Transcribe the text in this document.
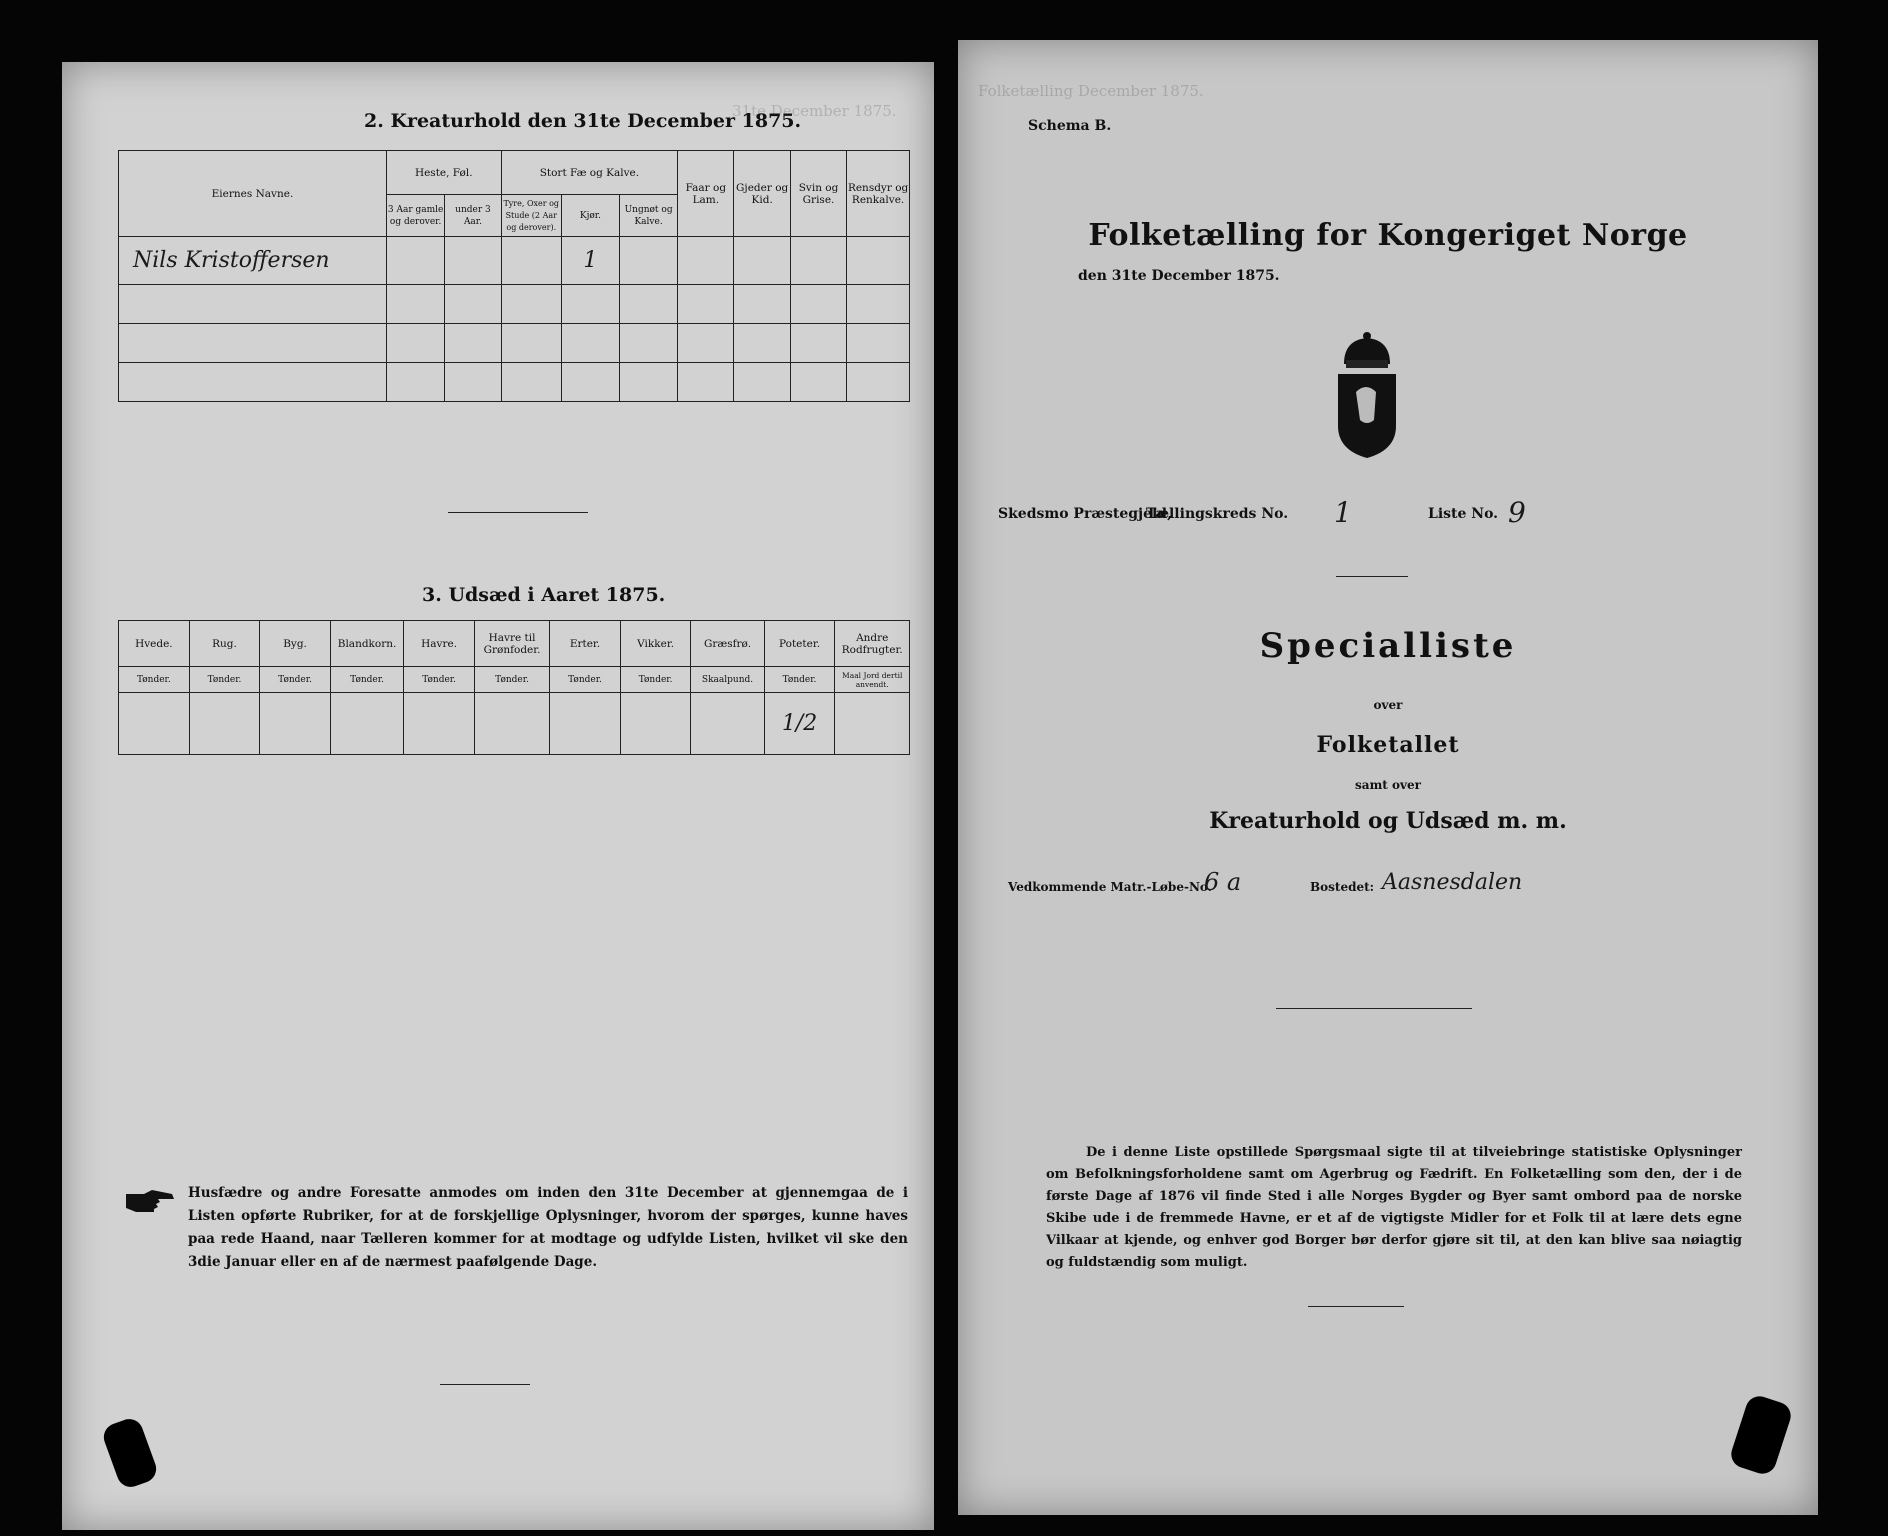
31te December 1875.
2. Kreaturhold den 31te December 1875.
Eiernes Navne.	Heste, Føl.		Stort Fæ og Kalve.			Faar og Lam.	Gjeder og Kid.	Svin og Grise.	Rensdyr og Renkalve.
	3 Aar gamle og derover.	under 3 Aar.	Tyre, Oxer og Stude (2 Aar og derover).	Kjør.	Ungnøt og Kalve.				
Nils Kristoffersen				1					

3. Udsæd i Aaret 1875.
Hvede.	Rug.	Byg.	Blandkorn.	Havre.	Havre til Grønfoder.	Erter.	Vikker.	Græsfrø.	Poteter.	Andre Rodfrugter.
Tønder.	Tønder.	Tønder.	Tønder.	Tønder.	Tønder.	Tønder.	Tønder.	Skaalpund.	Tønder.	Maal Jord dertil anvendt.
									1/2	
Husfædre og andre Foresatte anmodes om inden den 31te December at gjennemgaa de i Listen opførte Rubriker, for at de forskjellige Oplysninger, hvorom der spørges, kunne haves paa rede Haand, naar Tælleren kommer for at modtage og udfylde Listen, hvilket vil ske den 3die Januar eller en af de nærmest paafølgende Dage.
Folketælling December 1875.
Schema B.
Folketælling for Kongeriget Norge
den 31te December 1875.
Skedsmo Præstegjeld,
Tællingskreds No. 1	Liste No. 9
Specialliste
over
Folketallet
samt over
Kreaturhold og Udsæd m. m.
Vedkommende Matr.-Løbe-No.
6 a	Bostedet: Aasnesdalen
De i denne Liste opstillede Spørgsmaal sigte til at tilveiebringe statistiske Oplysninger om Befolkningsforholdene samt om Agerbrug og Fædrift. En Folketælling som den, der i de første Dage af 1876 vil finde Sted i alle Norges Bygder og Byer samt ombord paa de norske Skibe ude i de fremmede Havne, er et af de vigtigste Midler for et Folk til at lære dets egne Vilkaar at kjende, og enhver god Borger bør derfor gjøre sit til, at den kan blive saa nøiagtig og fuldstændig som muligt.
